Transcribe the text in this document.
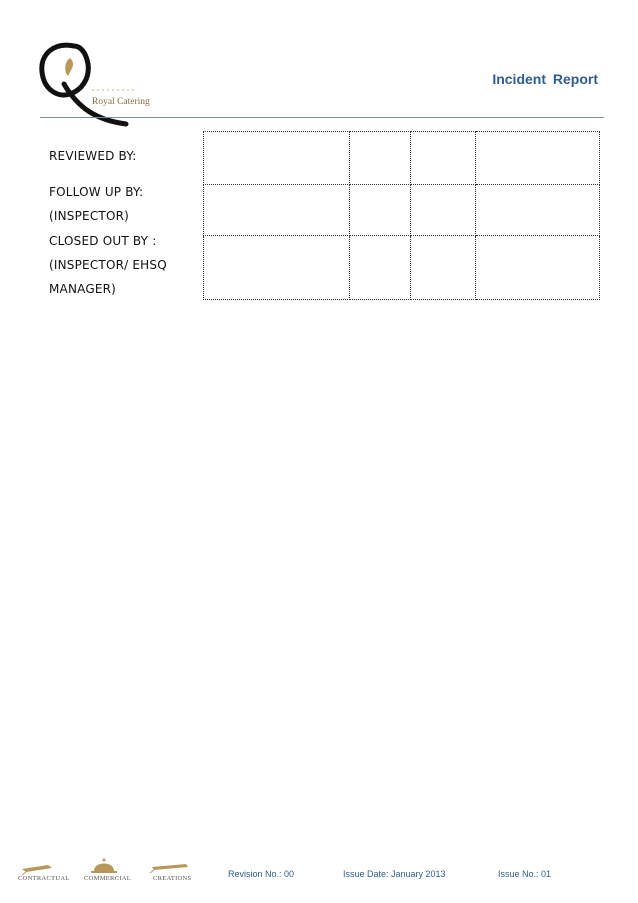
Royal Catering
Incident Report
REVIEWED BY:
FOLLOW UP BY:
(INSPECTOR)
CLOSED OUT BY :
(INSPECTOR/ EHSQ
MANAGER)

CONTRACTUAL COMMERCIAL	CREATIONS	Revision No.: 00	Issue Date: January 2013	Issue No.: 01
